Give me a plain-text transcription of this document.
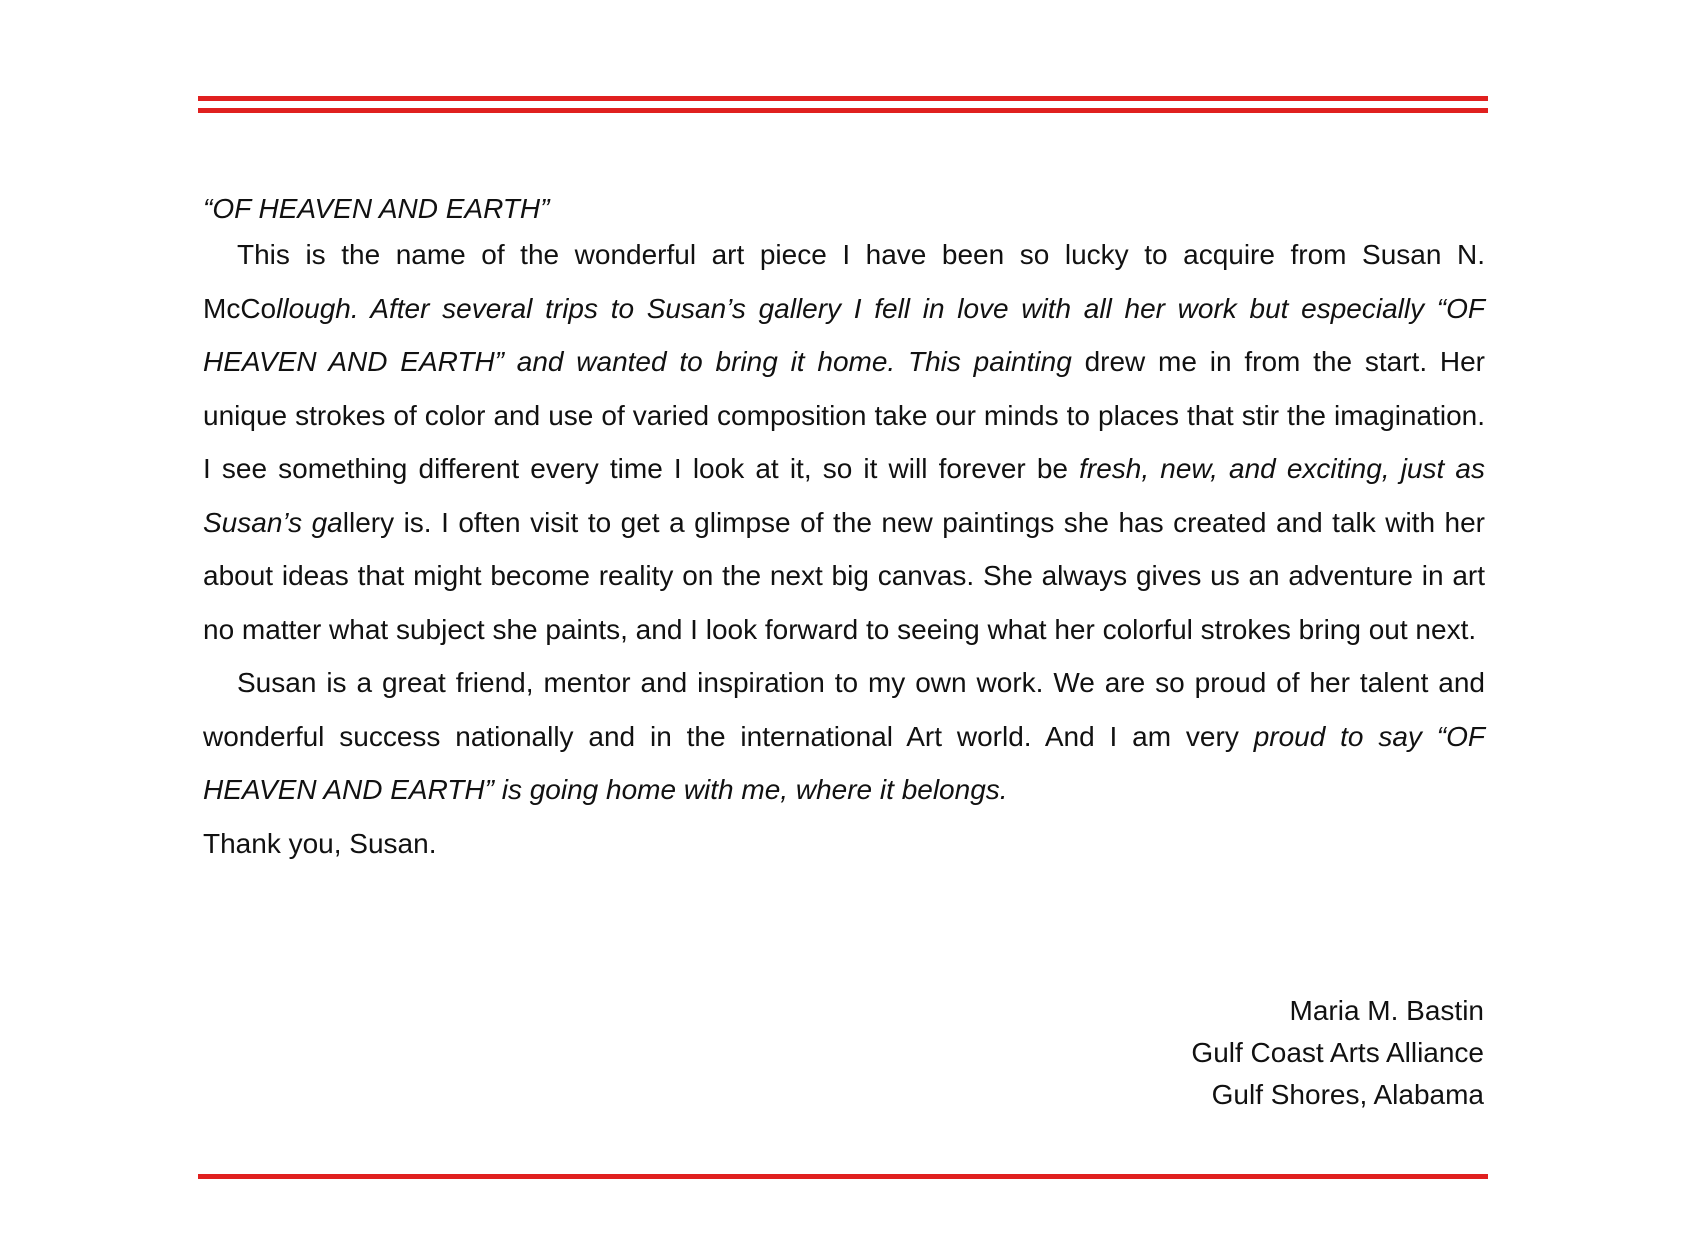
“OF HEAVEN AND EARTH”

This is the name of the wonderful art piece I have been so lucky to acquire from Susan N. McCollough. After several trips to Susan’s gallery I fell in love with all her work but especially “OF HEAVEN AND EARTH” and wanted to bring it home. This painting drew me in from the start. Her unique strokes of color and use of varied composition take our minds to places that stir the imagination. I see something different every time I look at it, so it will forever be fresh, new, and exciting, just as Susan’s gallery is. I often visit to get a glimpse of the new paintings she has created and talk with her about ideas that might become reality on the next big canvas. She always gives us an adventure in art no matter what subject she paints, and I look forward to seeing what her colorful strokes bring out next.

Susan is a great friend, mentor and inspiration to my own work. We are so proud of her talent and wonderful success nationally and in the international Art world. And I am very proud to say “OF HEAVEN AND EARTH” is going home with me, where it belongs.

Thank you, Susan.

Maria M. Bastin
Gulf Coast Arts Alliance
Gulf Shores, Alabama
